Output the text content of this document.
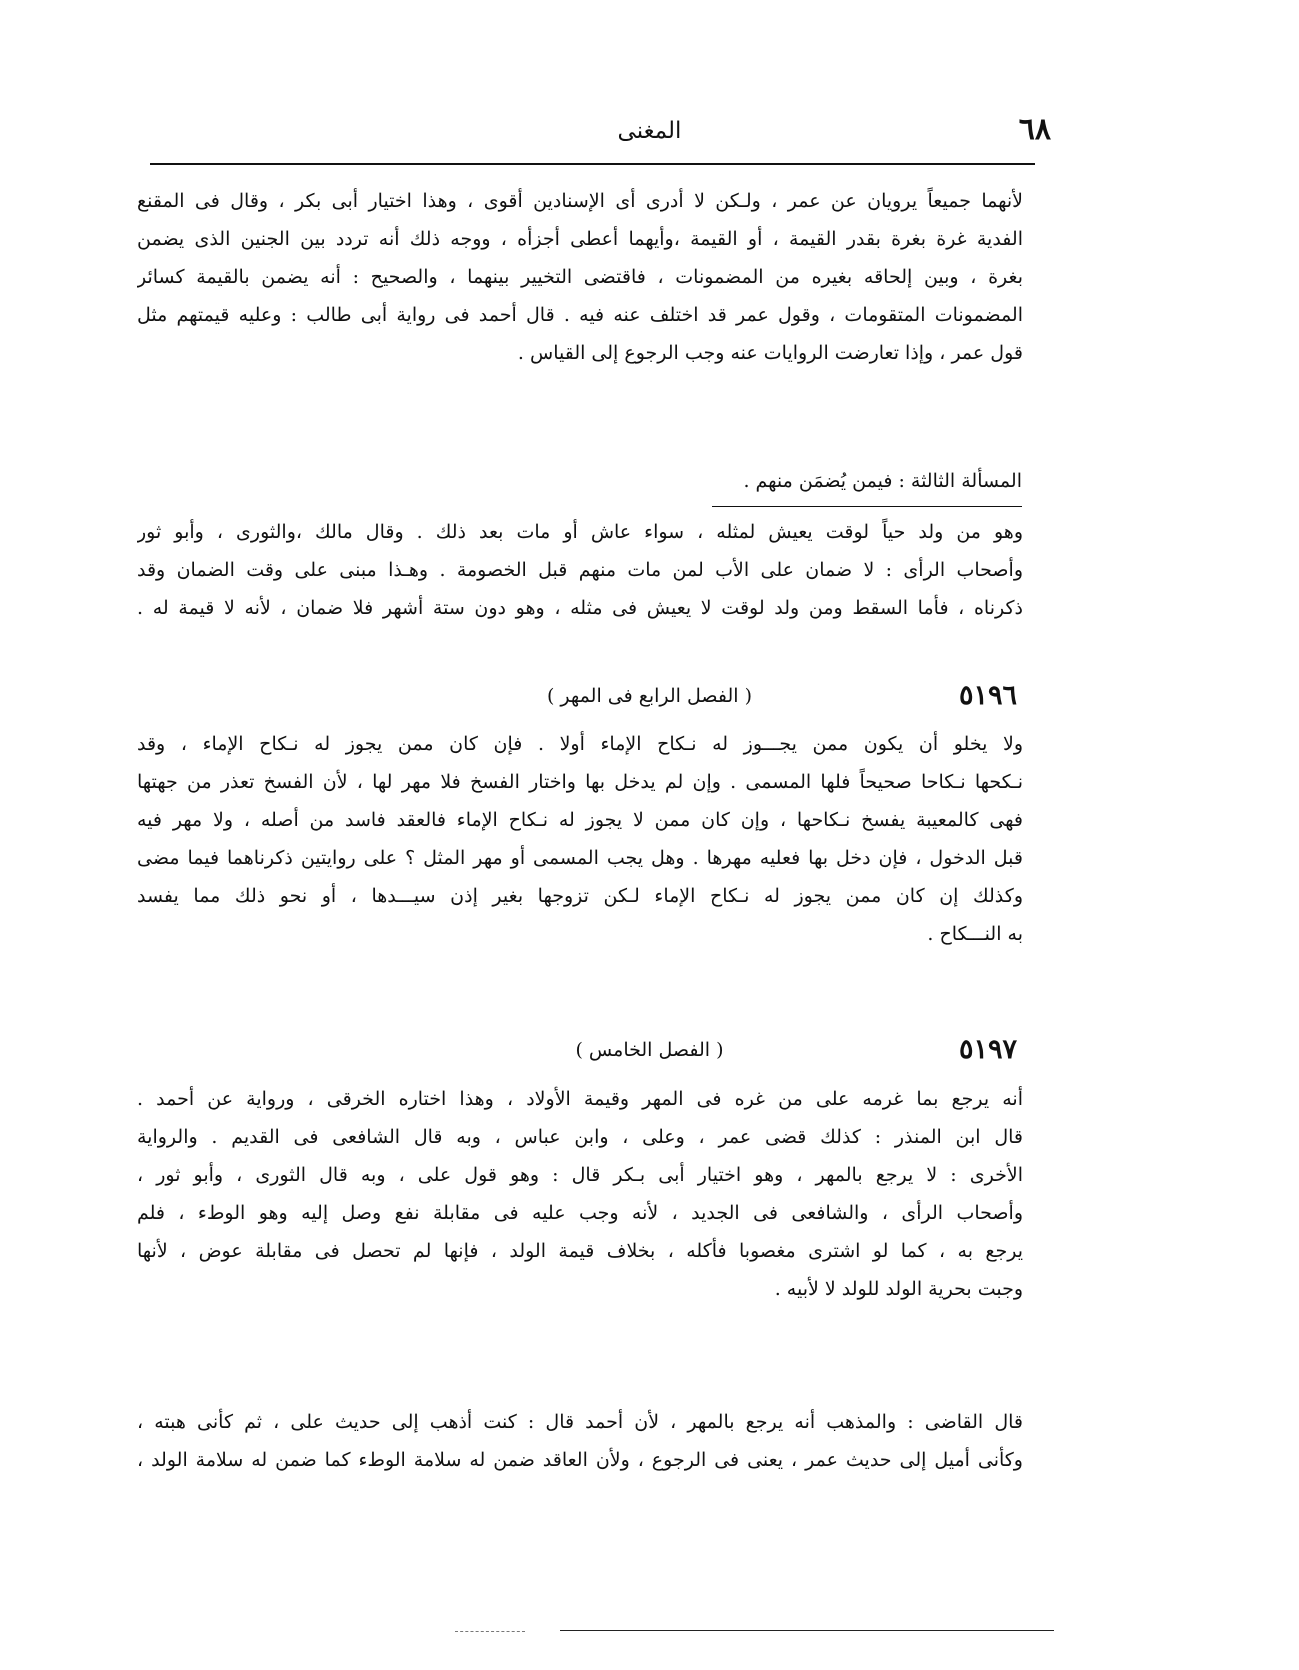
٦٨
المغنى
لأنهما جميعاً يرويان عن عمر ، ولـكن لا أدرى أى الإسنادين أقوى ، وهذا اختيار أبى بكر ، وقال فى المقنع
الفدية غرة بغرة بقدر القيمة ، أو القيمة ،وأيهما أعطى أجزأه ، ووجه ذلك أنه تردد بين الجنين الذى يضمن
بغرة ، وبين إلحاقه بغيره من المضمونات ، فاقتضى التخيير بينهما ، والصحيح : أنه يضمن بالقيمة كسائر
المضمونات المتقومات ، وقول عمر قد اختلف عنه فيه . قال أحمد فى رواية أبى طالب : وعليه قيمتهم مثل
قول عمر ، وإذا تعارضت الروايات عنه وجب الرجوع إلى القياس .
المسألة الثالثة : فيمن يُضمَن منهم .
وهو من ولد حياً لوقت يعيش لمثله ، سواء عاش أو مات بعد ذلك . وقال مالك ،والثورى ، وأبو ثور
وأصحاب الرأى : لا ضمان على الأب لمن مات منهم قبل الخصومة . وهـذا مبنى على وقت الضمان وقد
ذكرناه ، فأما السقط ومن ولد لوقت لا يعيش فى مثله ، وهو دون ستة أشهر فلا ضمان ، لأنه لا قيمة له .
٥١٩٦
( الفصل الرابع فى المهر )
ولا يخلو أن يكون ممن يجـــوز له نـكاح الإماء أولا . فإن كان ممن يجوز له نـكاح الإماء ، وقد
نـكحها نـكاحا صحيحاً فلها المسمى . وإن لم يدخل بها واختار الفسخ فلا مهر لها ، لأن الفسخ تعذر من جهتها
فهى كالمعيبة يفسخ نـكاحها ، وإن كان ممن لا يجوز له نـكاح الإماء فالعقد فاسد من أصله ، ولا مهر فيه
قبل الدخول ، فإن دخل بها فعليه مهرها . وهل يجب المسمى أو مهر المثل ؟ على روايتين ذكرناهما فيما مضى
وكذلك إن كان ممن يجوز له نـكاح الإماء لـكن تزوجها بغير إذن سيـــدها ، أو نحو ذلك مما يفسد
به النـــكاح .
٥١٩٧
( الفصل الخامس )
أنه يرجع بما غرمه على من غره فى المهر وقيمة الأولاد ، وهذا اختاره الخرقى ، ورواية عن أحمد .
قال ابن المنذر : كذلك قضى عمر ، وعلى ، وابن عباس ، وبه قال الشافعى فى القديم . والرواية
الأخرى : لا يرجع بالمهر ، وهو اختيار أبى بـكر قال : وهو قول على ، وبه قال الثورى ، وأبو ثور ،
وأصحاب الرأى ، والشافعى فى الجديد ، لأنه وجب عليه فى مقابلة نفع وصل إليه وهو الوطء ، فلم
يرجع به ، كما لو اشترى مغصوبا فأكله ، بخلاف قيمة الولد ، فإنها لم تحصل فى مقابلة عوض ، لأنها
وجبت بحرية الولد للولد لا لأبيه .
قال القاضى : والمذهب أنه يرجع بالمهر ، لأن أحمد قال : كنت أذهب إلى حديث على ، ثم كأنى هبته ،
وكأنى أميل إلى حديث عمر ، يعنى فى الرجوع ، ولأن العاقد ضمن له سلامة الوطء كما ضمن له سلامة الولد ،
